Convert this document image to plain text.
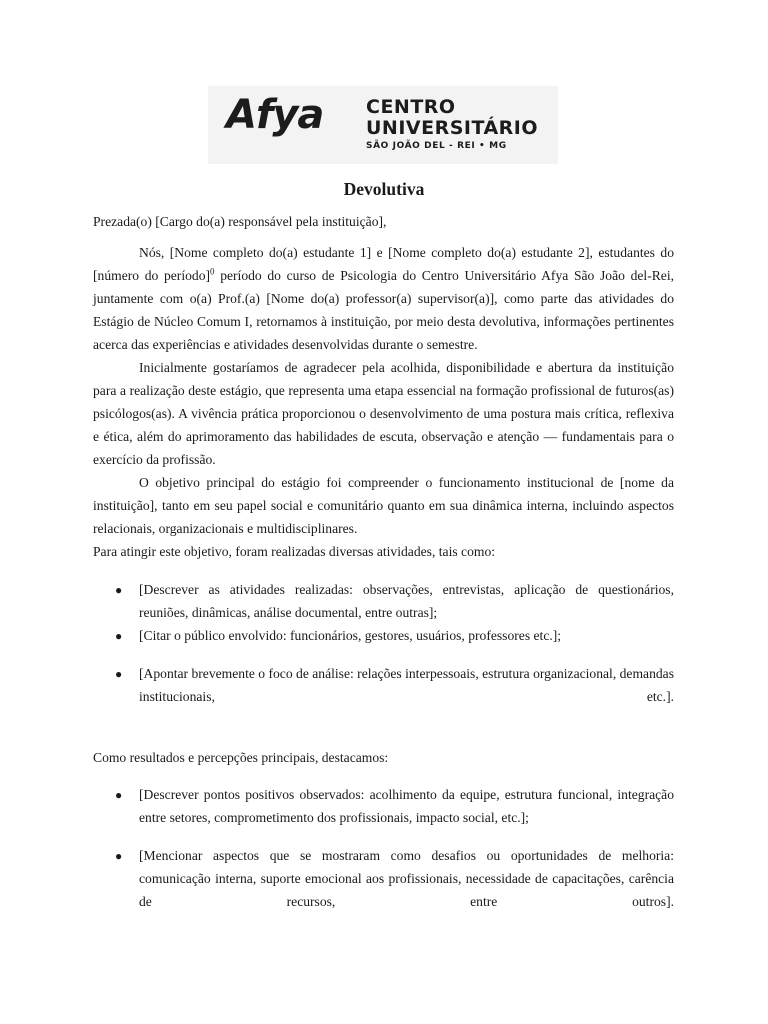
Afya CENTRO
UNIVERSITÁRIO
SÃO JOÃO DEL - REI • MG
Devolutiva
Prezada(o) [Cargo do(a) responsável pela instituição],
Nós, [Nome completo do(a) estudante 1] e [Nome completo do(a) estudante 2], estudantes do [número do período]$^0$ período do curso de Psicologia do Centro Universitário Afya São João del-Rei, juntamente com o(a) Prof.(a) [Nome do(a) professor(a) supervisor(a)], como parte das atividades do Estágio de Núcleo Comum I, retornamos à instituição, por meio desta devolutiva, informações pertinentes acerca das experiências e atividades desenvolvidas durante o semestre.
Inicialmente gostaríamos de agradecer pela acolhida, disponibilidade e abertura da instituição para a realização deste estágio, que representa uma etapa essencial na formação profissional de futuros(as) psicólogos(as). A vivência prática proporcionou o desenvolvimento de uma postura mais crítica, reflexiva e ética, além do aprimoramento das habilidades de escuta, observação e atenção — fundamentais para o exercício da profissão.
O objetivo principal do estágio foi compreender o funcionamento institucional de [nome da instituição], tanto em seu papel social e comunitário quanto em sua dinâmica interna, incluindo aspectos relacionais, organizacionais e multidisciplinares.
Para atingir este objetivo, foram realizadas diversas atividades, tais como:
● [Descrever as atividades realizadas: observações, entrevistas, aplicação de questionários, reuniões, dinâmicas, análise documental, entre outras];
● [Citar o público envolvido: funcionários, gestores, usuários, professores etc.];
● [Apontar brevemente o foco de análise: relações interpessoais, estrutura organizacional, demandas institucionais, etc.].
Como resultados e percepções principais, destacamos:
● [Descrever pontos positivos observados: acolhimento da equipe, estrutura funcional, integração entre setores, comprometimento dos profissionais, impacto social, etc.];
● [Mencionar aspectos que se mostraram como desafios ou oportunidades de melhoria: comunicação interna, suporte emocional aos profissionais, necessidade de capacitações, carência de recursos, entre outros].
